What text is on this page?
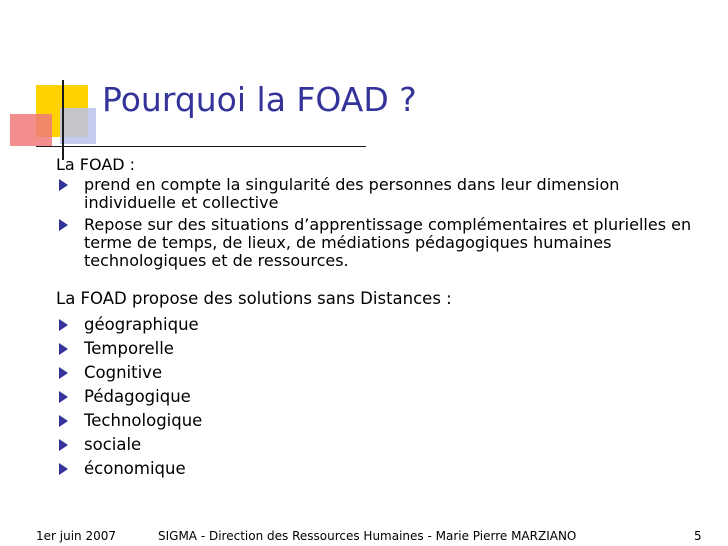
Pourquoi la FOAD ?

La FOAD :

prend en compte la singularité des personnes dans leur dimension individuelle et collective
Repose sur des situations d’apprentissage complémentaires et plurielles en terme de temps, de lieux, de médiations pédagogiques humaines technologiques et de ressources.

La FOAD propose des solutions sans Distances :

géographique
Temporelle
Cognitive
Pédagogique
Technologique
sociale
économique
1er juin 2007	SIGMA - Direction des Ressources Humaines - Marie Pierre MARZIANO	5
